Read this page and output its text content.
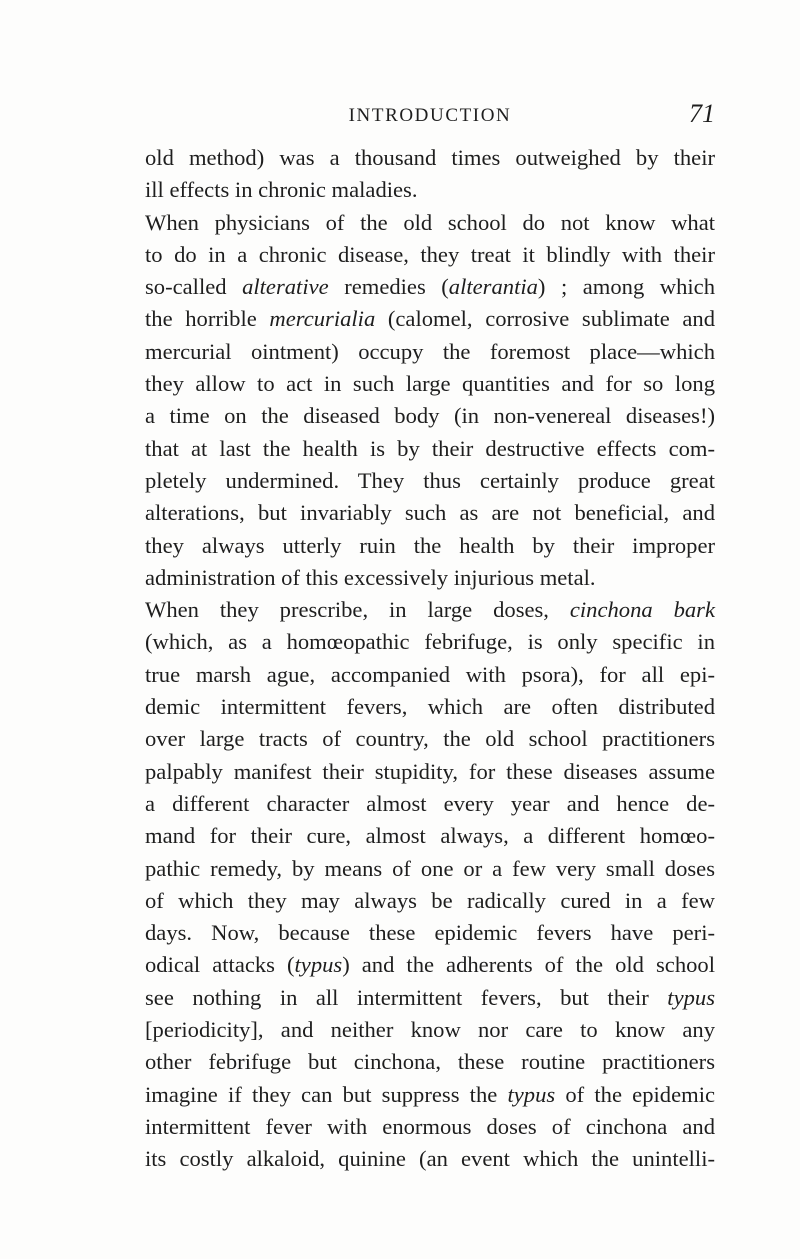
INTRODUCTION	71
old method) was a thousand times outweighed by their
ill effects in chronic maladies.
When physicians of the old school do not know what
to do in a chronic disease, they treat it blindly with their
so-called alterative remedies (alterantia) ; among which
the horrible mercurialia (calomel, corrosive sublimate and
mercurial ointment) occupy the foremost place—which
they allow to act in such large quantities and for so long
a time on the diseased body (in non-venereal diseases!)
that at last the health is by their destructive effects com-
pletely undermined. They thus certainly produce great
alterations, but invariably such as are not beneficial, and
they always utterly ruin the health by their improper
administration of this excessively injurious metal.
When they prescribe, in large doses, cinchona bark
(which, as a homœopathic febrifuge, is only specific in
true marsh ague, accompanied with psora), for all epi-
demic intermittent fevers, which are often distributed
over large tracts of country, the old school practitioners
palpably manifest their stupidity, for these diseases assume
a different character almost every year and hence de-
mand for their cure, almost always, a different homœo-
pathic remedy, by means of one or a few very small doses
of which they may always be radically cured in a few
days. Now, because these epidemic fevers have peri-
odical attacks (typus) and the adherents of the old school
see nothing in all intermittent fevers, but their typus
[periodicity], and neither know nor care to know any
other febrifuge but cinchona, these routine practitioners
imagine if they can but suppress the typus of the epidemic
intermittent fever with enormous doses of cinchona and
its costly alkaloid, quinine (an event which the unintelli-
